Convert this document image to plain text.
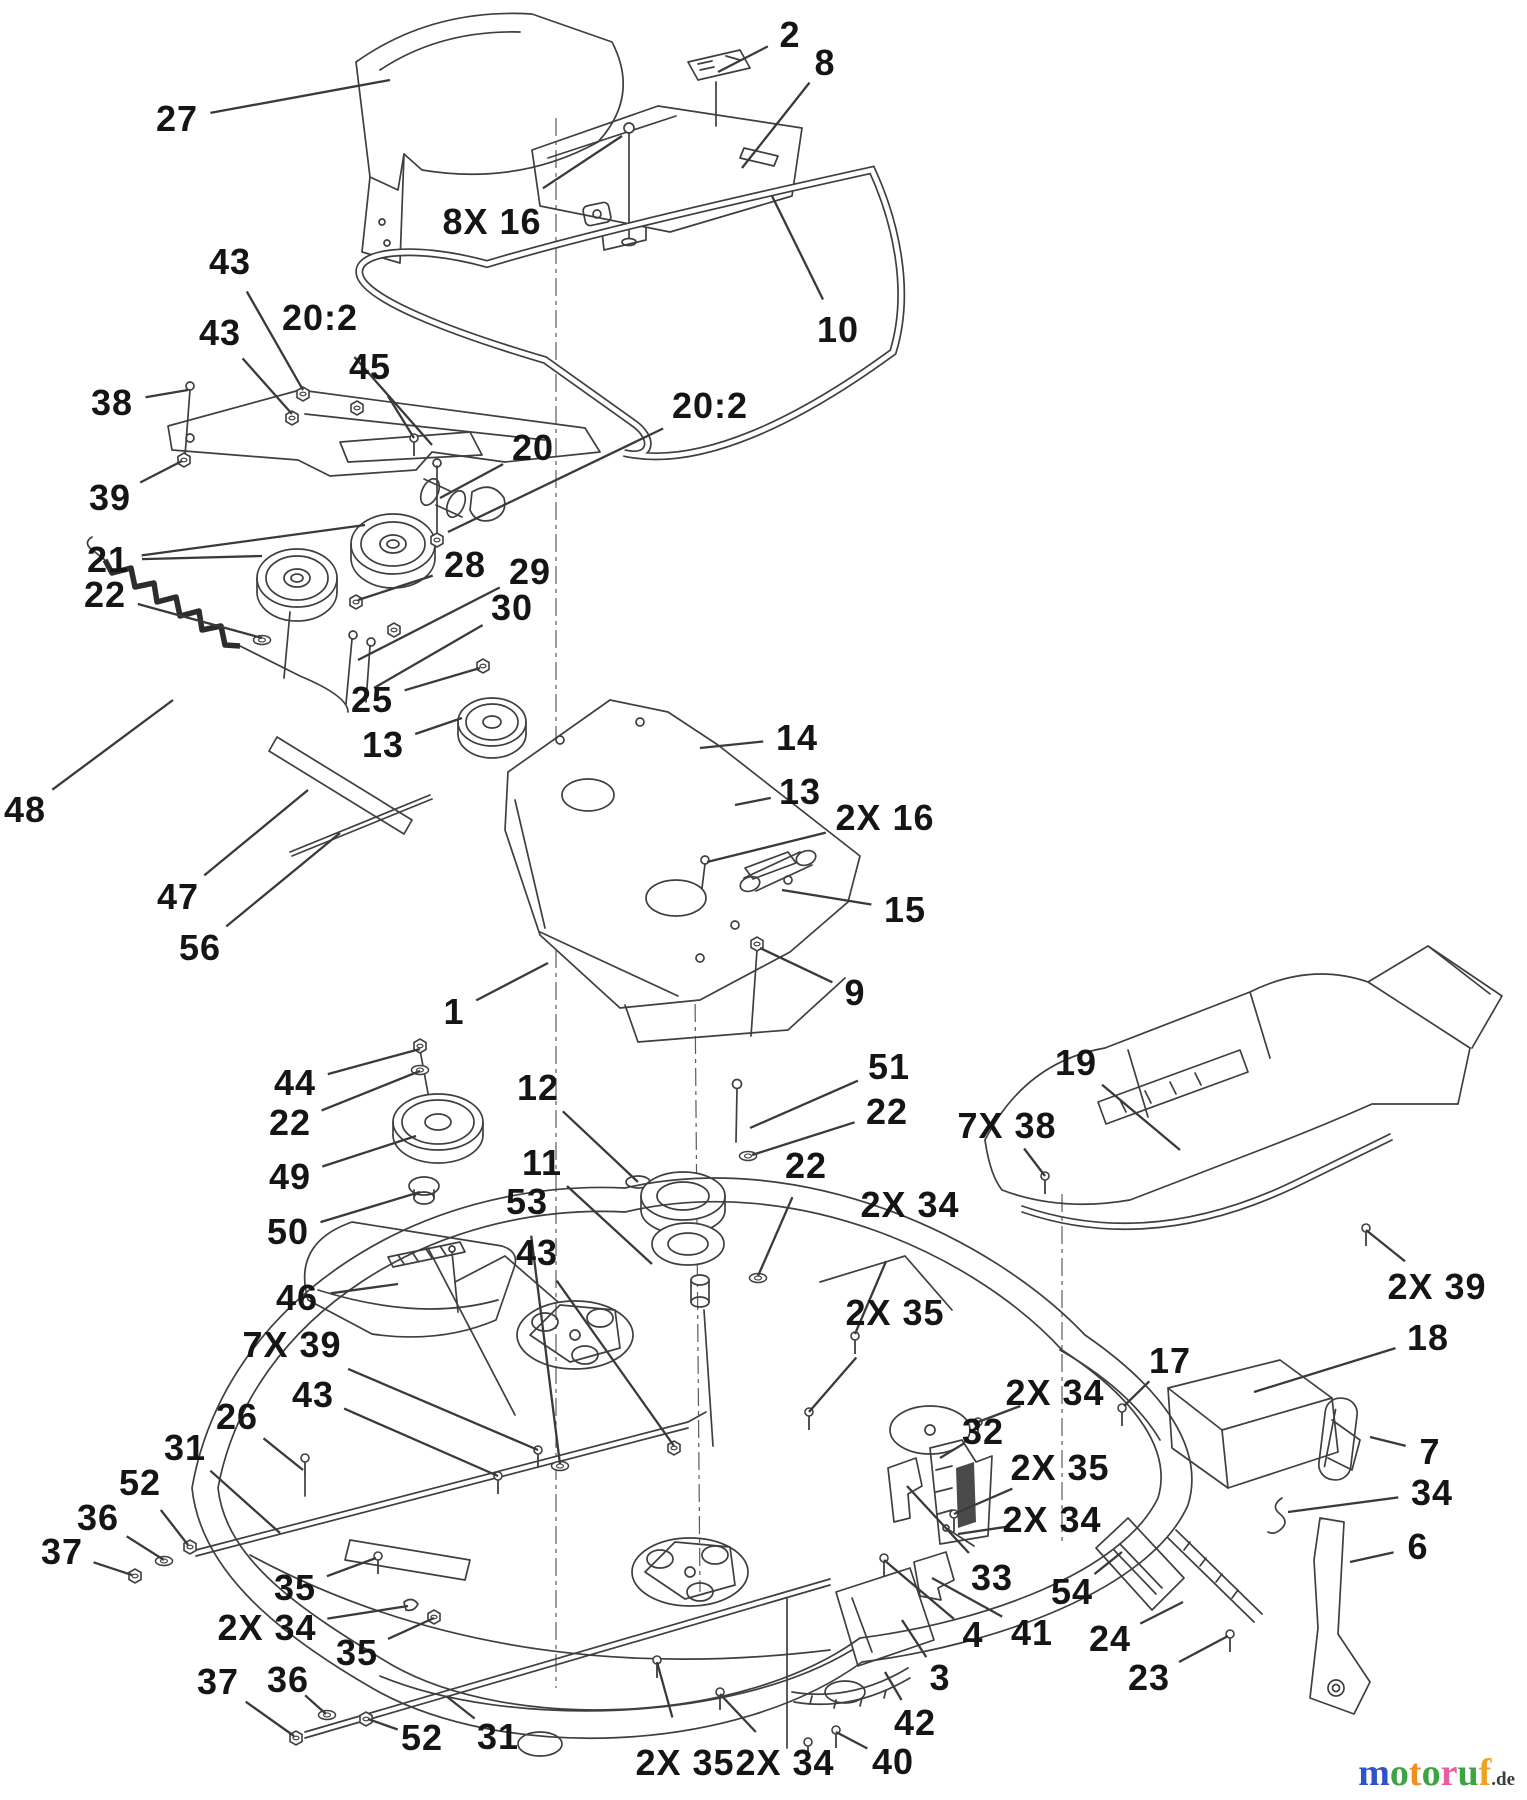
27
2
8
8X 16
10
43
43 20:2
45
38
39
21
22
20
20:2
28 29
30
25
13
48
47
56
14
13
2X 16
15
9
1
44
22
49
50
46
12
11
53
43
51
22
22
2X 34
7X 38
19
2X 39
18
17
2X 34
32
2X 35
2X 35
2X 34
33 54
4 41 24
23
7
34
6
7X 39
43
26
31
52
36
37
35
2X 34
35
37 36
52 31
2X 35 2X 34 40
42
3
motoruf.de
